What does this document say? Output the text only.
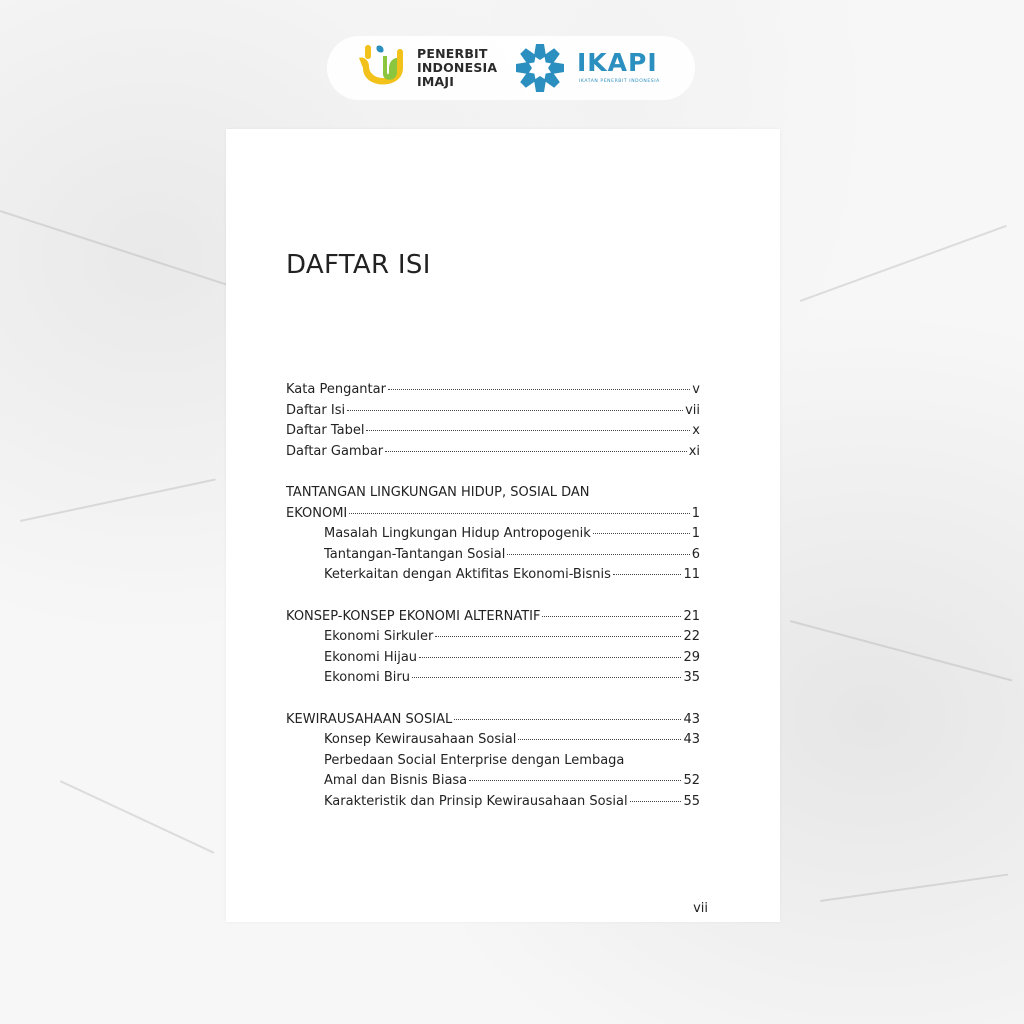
PENERBIT
INDONESIA
IMAJI
IKAPI
IKATAN PENERBIT INDONESIA
DAFTAR ISI
Kata Pengantar	v
Daftar Isi	vii
Daftar Tabel	x
Daftar Gambar	xi
TANTANGAN LINGKUNGAN HIDUP, SOSIAL DAN
EKONOMI	1
Masalah Lingkungan Hidup Antropogenik	1
Tantangan-Tantangan Sosial	6
Keterkaitan dengan Aktifitas Ekonomi-Bisnis	11
KONSEP-KONSEP EKONOMI ALTERNATIF	21
Ekonomi Sirkuler	22
Ekonomi Hijau	29
Ekonomi Biru	35
KEWIRAUSAHAAN SOSIAL	43
Konsep Kewirausahaan Sosial	43
Perbedaan Social Enterprise dengan Lembaga
Amal dan Bisnis Biasa	52
Karakteristik dan Prinsip Kewirausahaan Sosial	55
vii
